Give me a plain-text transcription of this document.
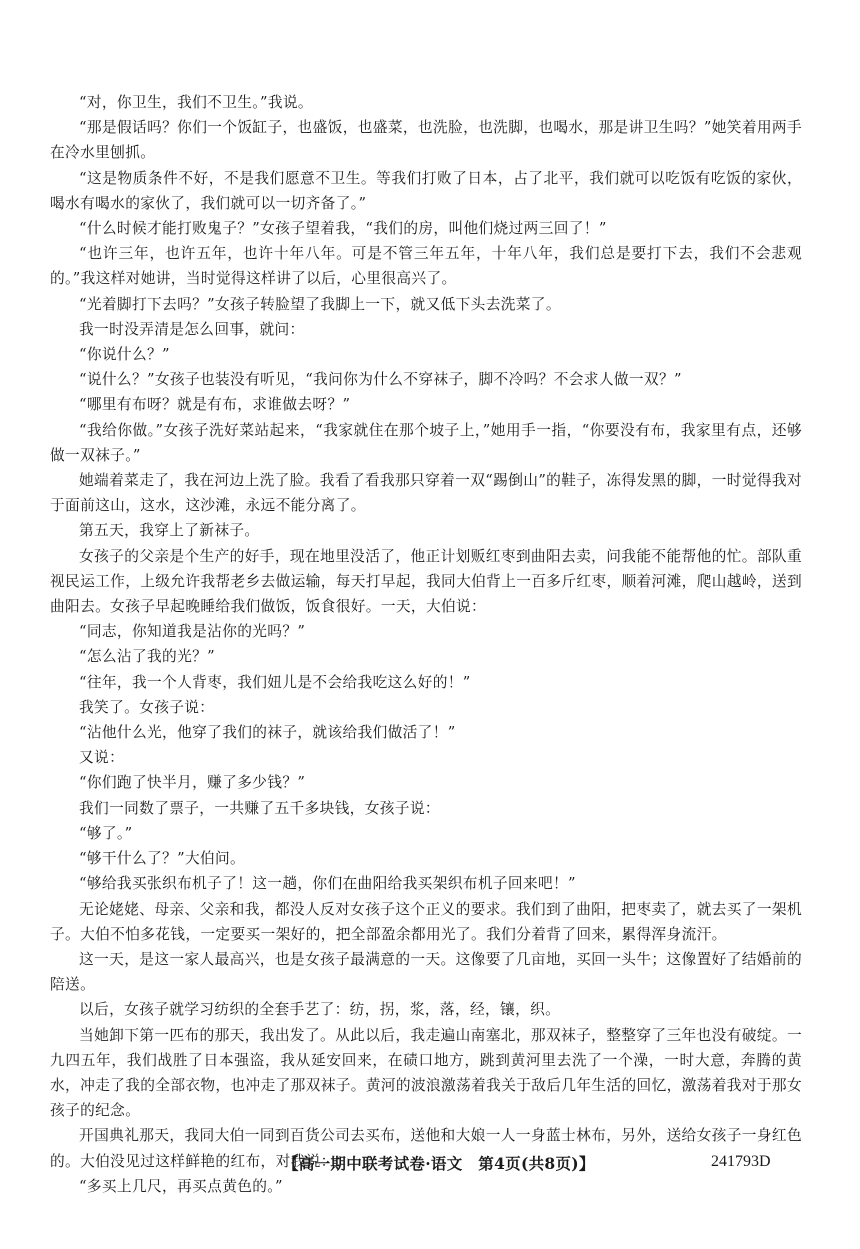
“对，你卫生，我们不卫生。”我说。

“那是假话吗？你们一个饭缸子，也盛饭，也盛菜，也洗脸，也洗脚，也喝水，那是讲卫生吗？”她笑着用两手在冷水里刨抓。

“这是物质条件不好，不是我们愿意不卫生。等我们打败了日本，占了北平，我们就可以吃饭有吃饭的家伙，喝水有喝水的家伙了，我们就可以一切齐备了。”

“什么时候才能打败鬼子？”女孩子望着我，“我们的房，叫他们烧过两三回了！”

“也许三年，也许五年，也许十年八年。可是不管三年五年，十年八年，我们总是要打下去，我们不会悲观的。”我这样对她讲，当时觉得这样讲了以后，心里很高兴了。

“光着脚打下去吗？”女孩子转脸望了我脚上一下，就又低下头去洗菜了。

我一时没弄清是怎么回事，就问：

“你说什么？”

“说什么？”女孩子也装没有听见，“我问你为什么不穿袜子，脚不冷吗？不会求人做一双？”

“哪里有布呀？就是有布，求谁做去呀？”

“我给你做。”女孩子洗好菜站起来，“我家就住在那个坡子上，”她用手一指，“你要没有布，我家里有点，还够做一双袜子。”

她端着菜走了，我在河边上洗了脸。我看了看我那只穿着一双“踢倒山”的鞋子，冻得发黑的脚，一时觉得我对于面前这山，这水，这沙滩，永远不能分离了。

第五天，我穿上了新袜子。

女孩子的父亲是个生产的好手，现在地里没活了，他正计划贩红枣到曲阳去卖，问我能不能帮他的忙。部队重视民运工作，上级允许我帮老乡去做运输，每天打早起，我同大伯背上一百多斤红枣，顺着河滩，爬山越岭，送到曲阳去。女孩子早起晚睡给我们做饭，饭食很好。一天，大伯说：

“同志，你知道我是沾你的光吗？”

“怎么沾了我的光？”

“往年，我一个人背枣，我们妞儿是不会给我吃这么好的！”

我笑了。女孩子说：

“沾他什么光，他穿了我们的袜子，就该给我们做活了！”

又说：

“你们跑了快半月，赚了多少钱？”

我们一同数了票子，一共赚了五千多块钱，女孩子说：

“够了。”

“够干什么了？”大伯问。

“够给我买张织布机子了！这一趟，你们在曲阳给我买架织布机子回来吧！”

无论姥姥、母亲、父亲和我，都没人反对女孩子这个正义的要求。我们到了曲阳，把枣卖了，就去买了一架机子。大伯不怕多花钱，一定要买一架好的，把全部盈余都用光了。我们分着背了回来，累得浑身流汗。

这一天，是这一家人最高兴，也是女孩子最满意的一天。这像要了几亩地，买回一头牛；这像置好了结婚前的陪送。

以后，女孩子就学习纺织的全套手艺了：纺，拐，浆，落，经，镶，织。

当她卸下第一匹布的那天，我出发了。从此以后，我走遍山南塞北，那双袜子，整整穿了三年也没有破绽。一九四五年，我们战胜了日本强盗，我从延安回来，在碛口地方，跳到黄河里去洗了一个澡，一时大意，奔腾的黄水，冲走了我的全部衣物，也冲走了那双袜子。黄河的波浪激荡着我关于敌后几年生活的回忆，激荡着我对于那女孩子的纪念。

开国典礼那天，我同大伯一同到百货公司去买布，送他和大娘一人一身蓝士林布，另外，送给女孩子一身红色的。大伯没见过这样鲜艳的红布，对我说：

“多买上几尺，再买点黄色的。”

【高一期中联考试卷·语文　第4页(共8页)】	241793D
